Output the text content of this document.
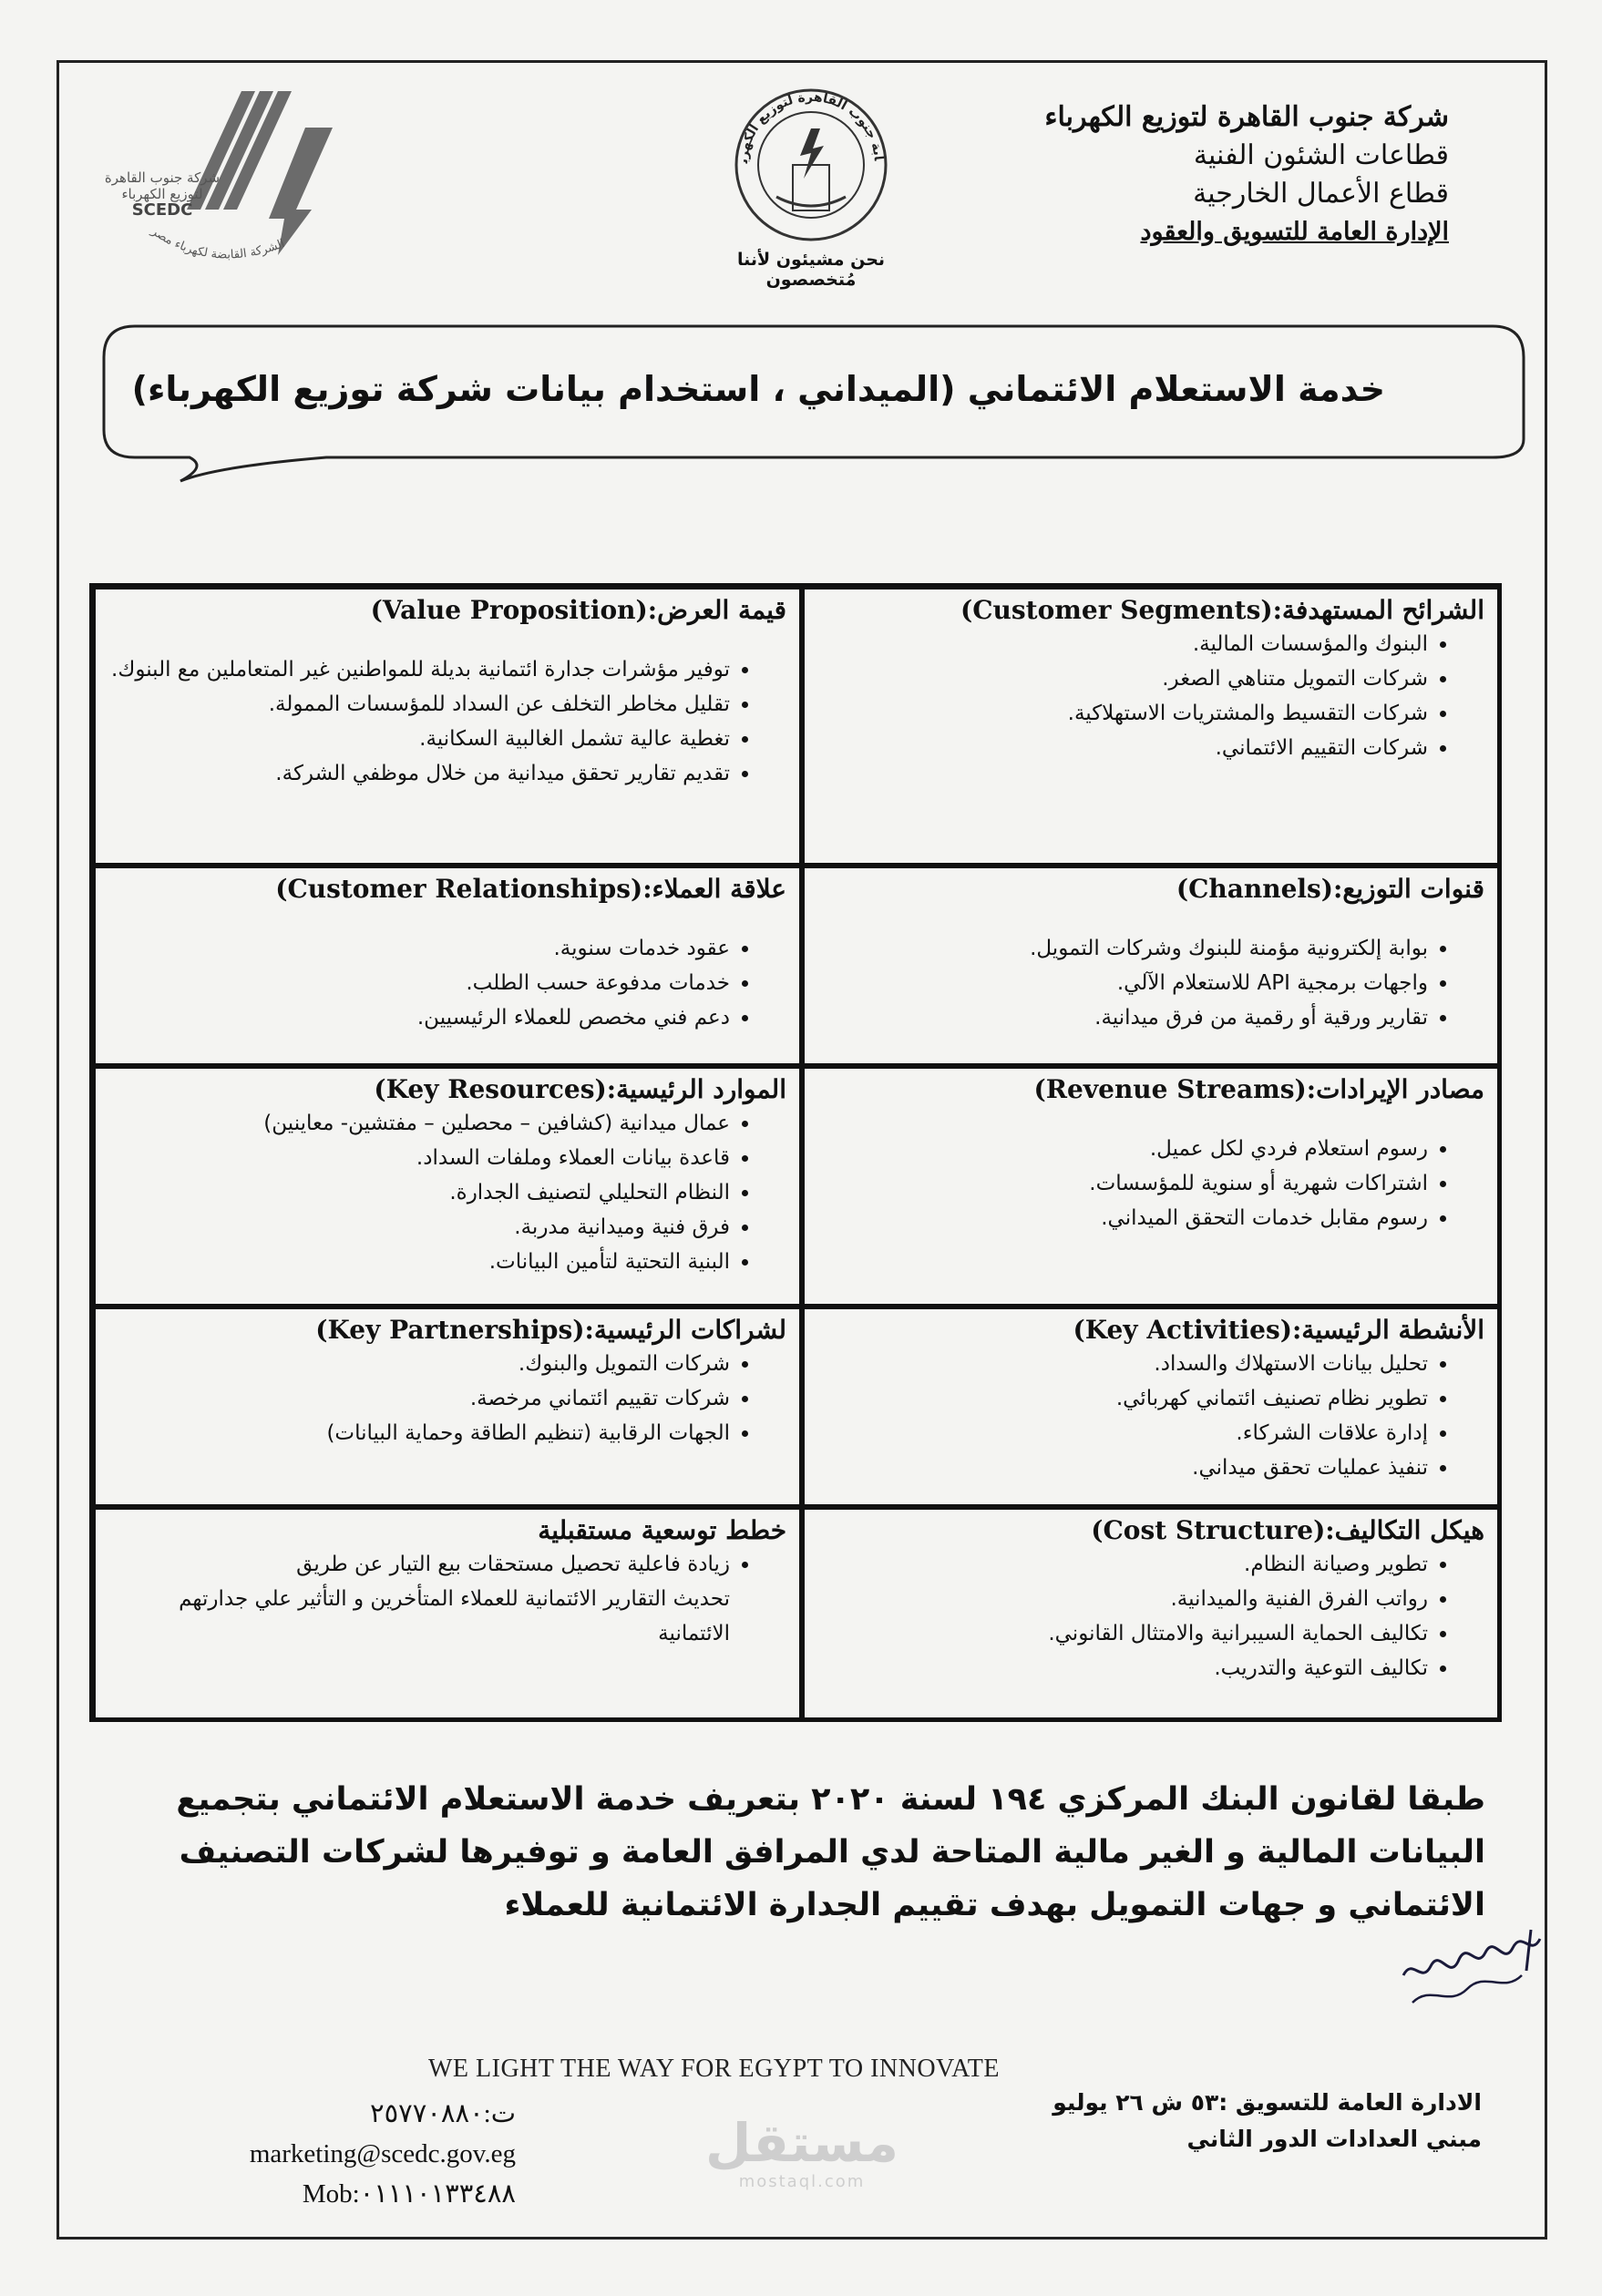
شركة جنوب القاهرة لتوزيع الكهرباء
قطاعات الشئون الفنية
قطاع الأعمال الخارجية
الإدارة العامة للتسويق والعقود
ابة جنوب القاهرة لتوزيع الكهرب
نحن مشيئون لأننا مُتخصصون
الشركة القابضة لكهرباء مصر
شركة جنوب القاهرة
لتوزيع الكهرباء
SCEDC
خدمة الاستعلام الائتماني (الميداني ، استخدام بيانات شركة توزيع الكهرباء)
الشرائح المستهدفة:(Customer Segments)
• البنوك والمؤسسات المالية.
• شركات التمويل متناهي الصغر.
• شركات التقسيط والمشتريات الاستهلاكية.
• شركات التقييم الائتماني.
قنوات التوزيع:(Channels)
• بوابة إلكترونية مؤمنة للبنوك وشركات التمويل.
• واجهات برمجية API للاستعلام الآلي.
• تقارير ورقية أو رقمية من فرق ميدانية.
مصادر الإيرادات:(Revenue Streams)
• رسوم استعلام فردي لكل عميل.
• اشتراكات شهرية أو سنوية للمؤسسات.
• رسوم مقابل خدمات التحقق الميداني.
الأنشطة الرئيسية:(Key Activities)
• تحليل بيانات الاستهلاك والسداد.
• تطوير نظام تصنيف ائتماني كهربائي.
• إدارة علاقات الشركاء.
• تنفيذ عمليات تحقق ميداني.
هيكل التكاليف:(Cost Structure)
• تطوير وصيانة النظام.
• رواتب الفرق الفنية والميدانية.
• تكاليف الحماية السيبرانية والامتثال القانوني.
• تكاليف التوعية والتدريب.
قيمة العرض:(Value Proposition)
• توفير مؤشرات جدارة ائتمانية بديلة للمواطنين غير المتعاملين مع البنوك.
• تقليل مخاطر التخلف عن السداد للمؤسسات الممولة.
• تغطية عالية تشمل الغالبية السكانية.
• تقديم تقارير تحقق ميدانية من خلال موظفي الشركة.
علاقة العملاء:(Customer Relationships)
• عقود خدمات سنوية.
• خدمات مدفوعة حسب الطلب.
• دعم فني مخصص للعملاء الرئيسيين.
الموارد الرئيسية:(Key Resources)
• عمال ميدانية (كشافين – محصلين – مفتشين- معاينين)
• قاعدة بيانات العملاء وملفات السداد.
• النظام التحليلي لتصنيف الجدارة.
• فرق فنية وميدانية مدربة.
• البنية التحتية لتأمين البيانات.
لشراكات الرئيسية:(Key Partnerships)
• شركات التمويل والبنوك.
• شركات تقييم ائتماني مرخصة.
• الجهات الرقابية (تنظيم الطاقة وحماية البيانات)
خطط توسعية مستقبلية
• زيادة فاعلية تحصيل مستحقات بيع التيار عن طريق
تحديث التقارير الائتمانية للعملاء المتأخرين و التأثير علي جدارتهم الائتمانية
طبقا لقانون البنك المركزي ١٩٤ لسنة ٢٠٢٠ بتعريف خدمة الاستعلام الائتماني بتجميع البيانات المالية و الغير مالية المتاحة لدي المرافق العامة و توفيرها لشركات التصنيف الائتماني و جهات التمويل بهدف تقييم الجدارة الائتمانية للعملاء
WE LIGHT THE WAY FOR EGYPT TO INNOVATE
الادارة العامة للتسويق :٥٣ ش ٢٦ يوليو
مبني العدادات الدور الثاني
ت:٢٥٧٧٠٨٨٠
marketing@scedc.gov.eg
Mob:٠١١١٠١٣٣٤٨٨
مستقل
mostaql.com
